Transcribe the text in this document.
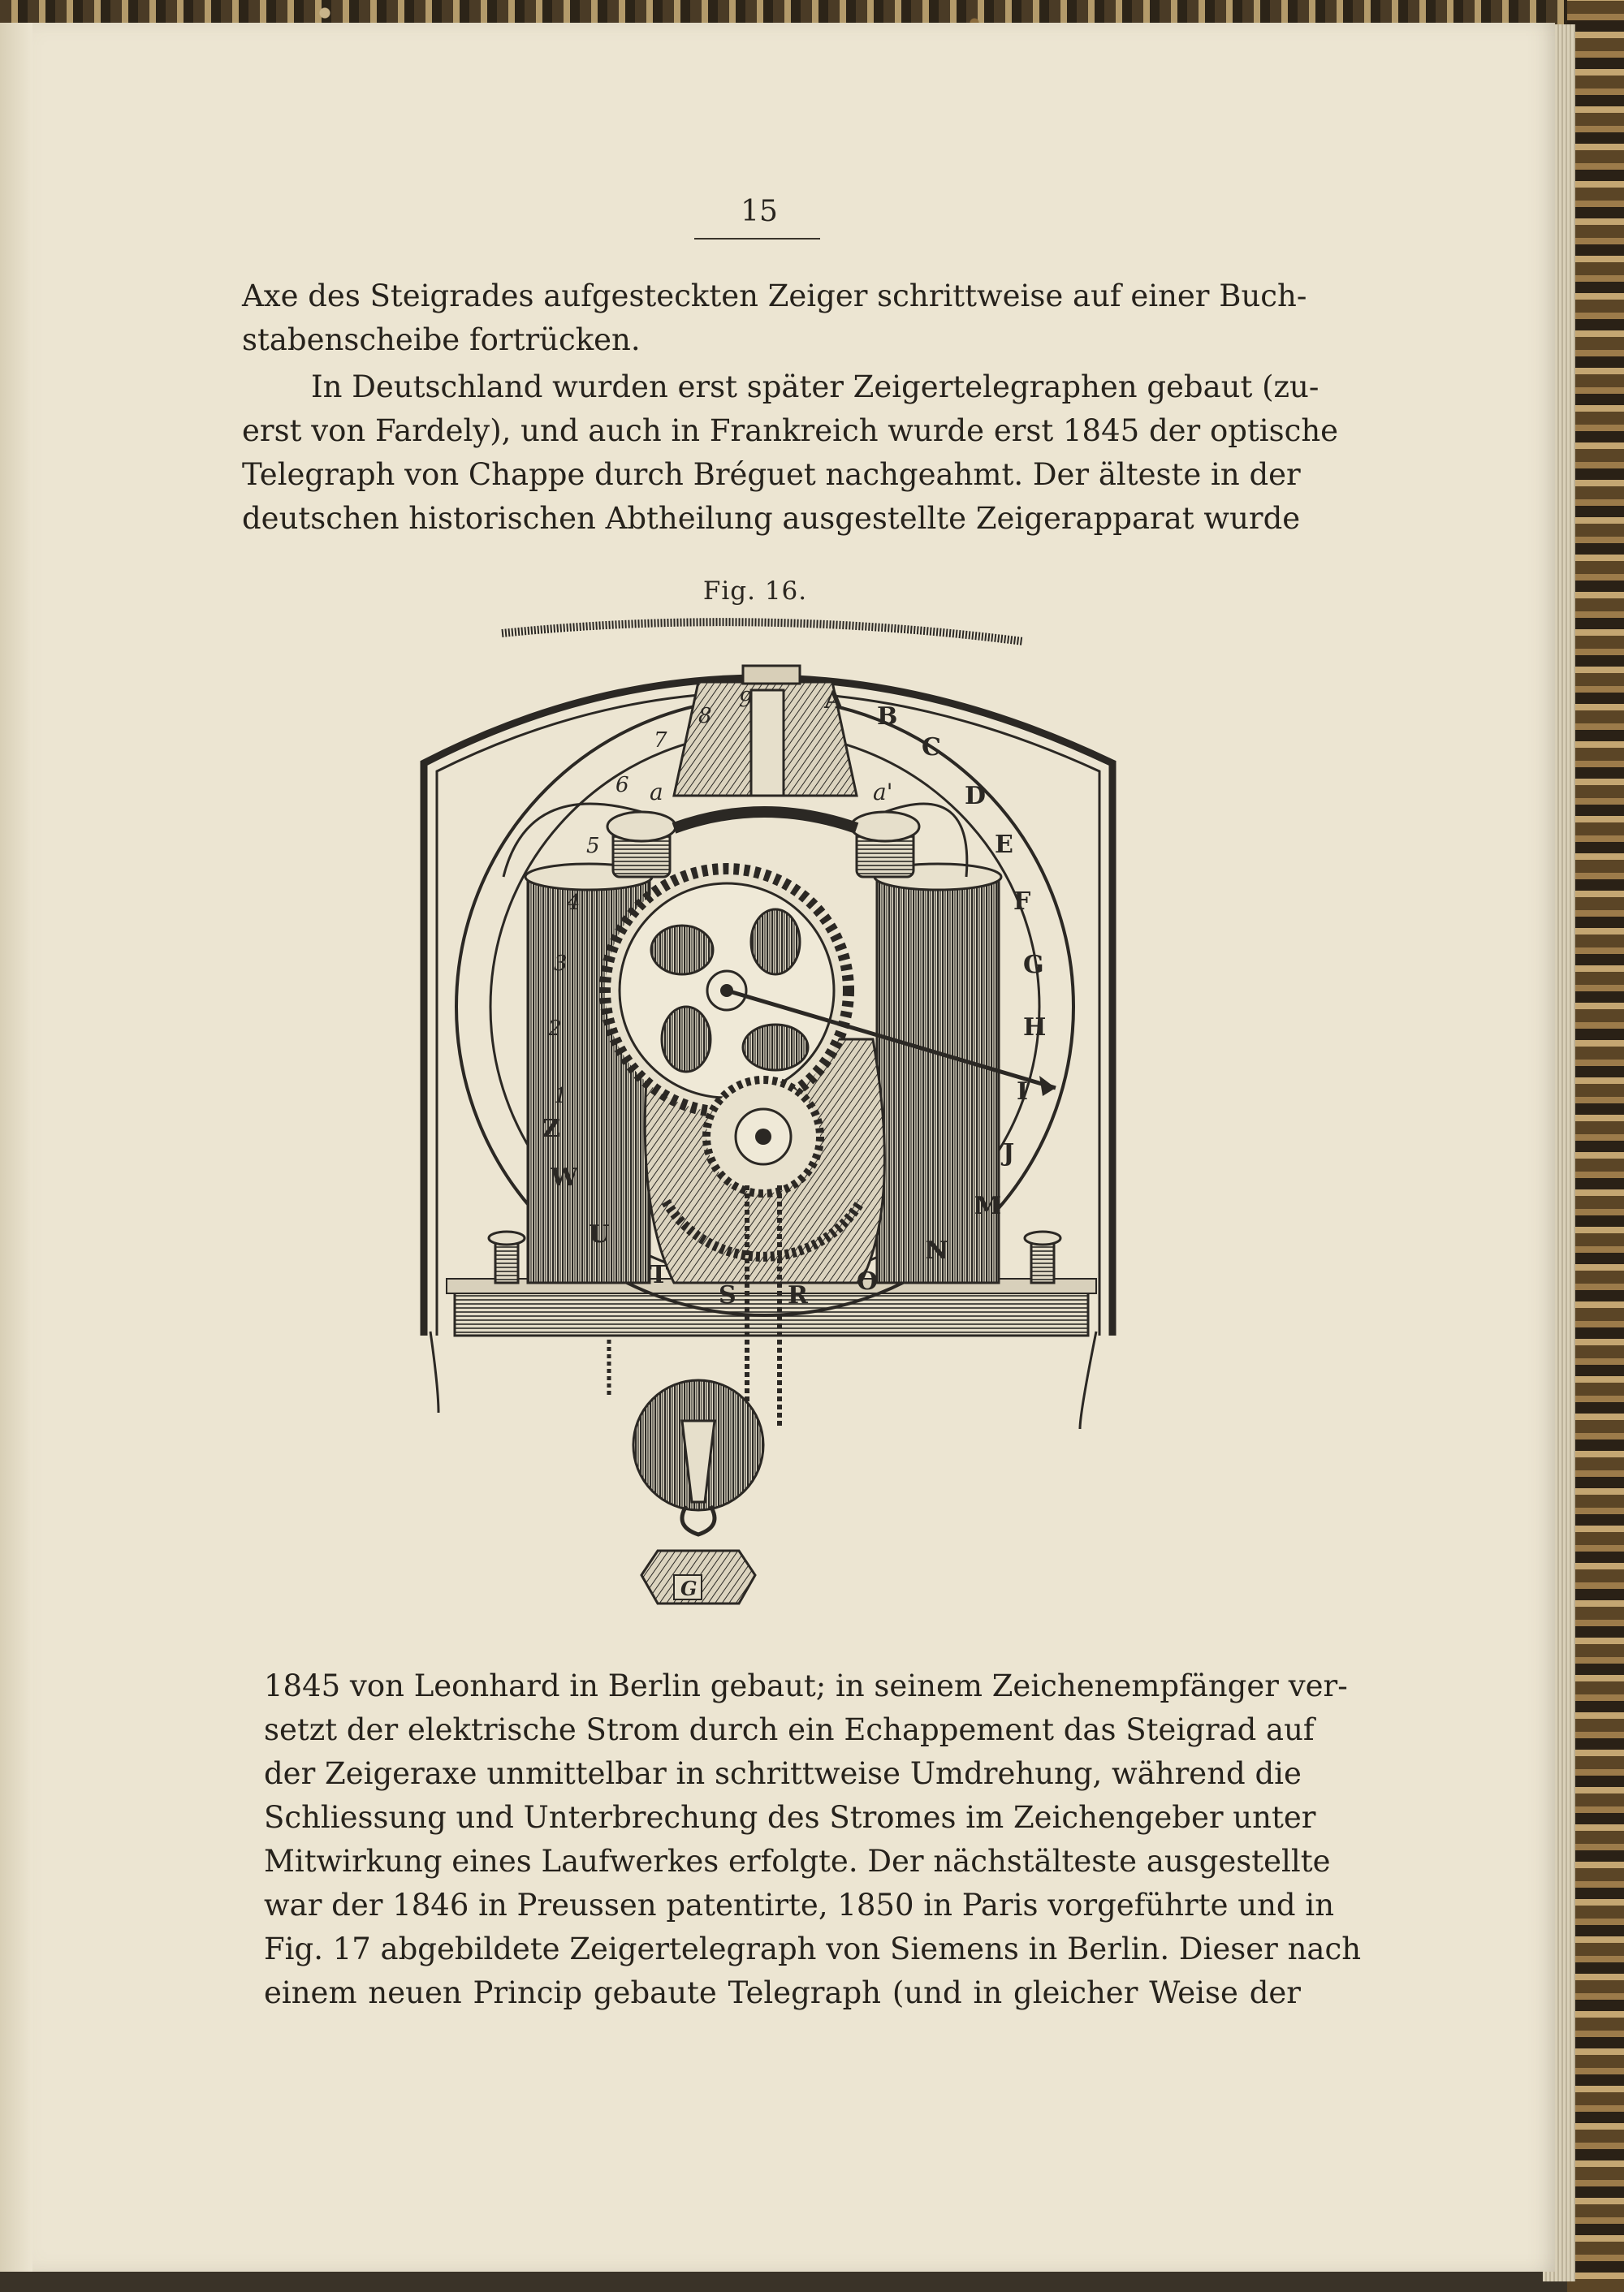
15
Axe des Steigrades aufgesteckten Zeiger schrittweise auf einer Buch-
stabenscheibe fortrücken.
In Deutschland wurden erst später Zeigertelegraphen gebaut (zu-
erst von Fardely), und auch in Frankreich wurde erst 1845 der optische
Telegraph von Chappe durch Bréguet nachgeahmt. Der älteste in der
deutschen historischen Abtheilung ausgestellte Zeigerapparat wurde
Fig. 16.
1
2
3
4
5
6
7
8
9	A
B
C
D
E
F
G
H
I
J
M
N
O
R
S
T
U
W
Z
a	a'
G
1845 von Leonhard in Berlin gebaut; in seinem Zeichenempfänger ver-
setzt der elektrische Strom durch ein Echappement das Steigrad auf
der Zeigeraxe unmittelbar in schrittweise Umdrehung, während die
Schliessung und Unterbrechung des Stromes im Zeichengeber unter
Mitwirkung eines Laufwerkes erfolgte. Der nächstälteste ausgestellte
war der 1846 in Preussen patentirte, 1850 in Paris vorgeführte und in
Fig. 17 abgebildete Zeigertelegraph von Siemens in Berlin. Dieser nach
einem neuen Princip gebaute Telegraph (und in gleicher Weise der
